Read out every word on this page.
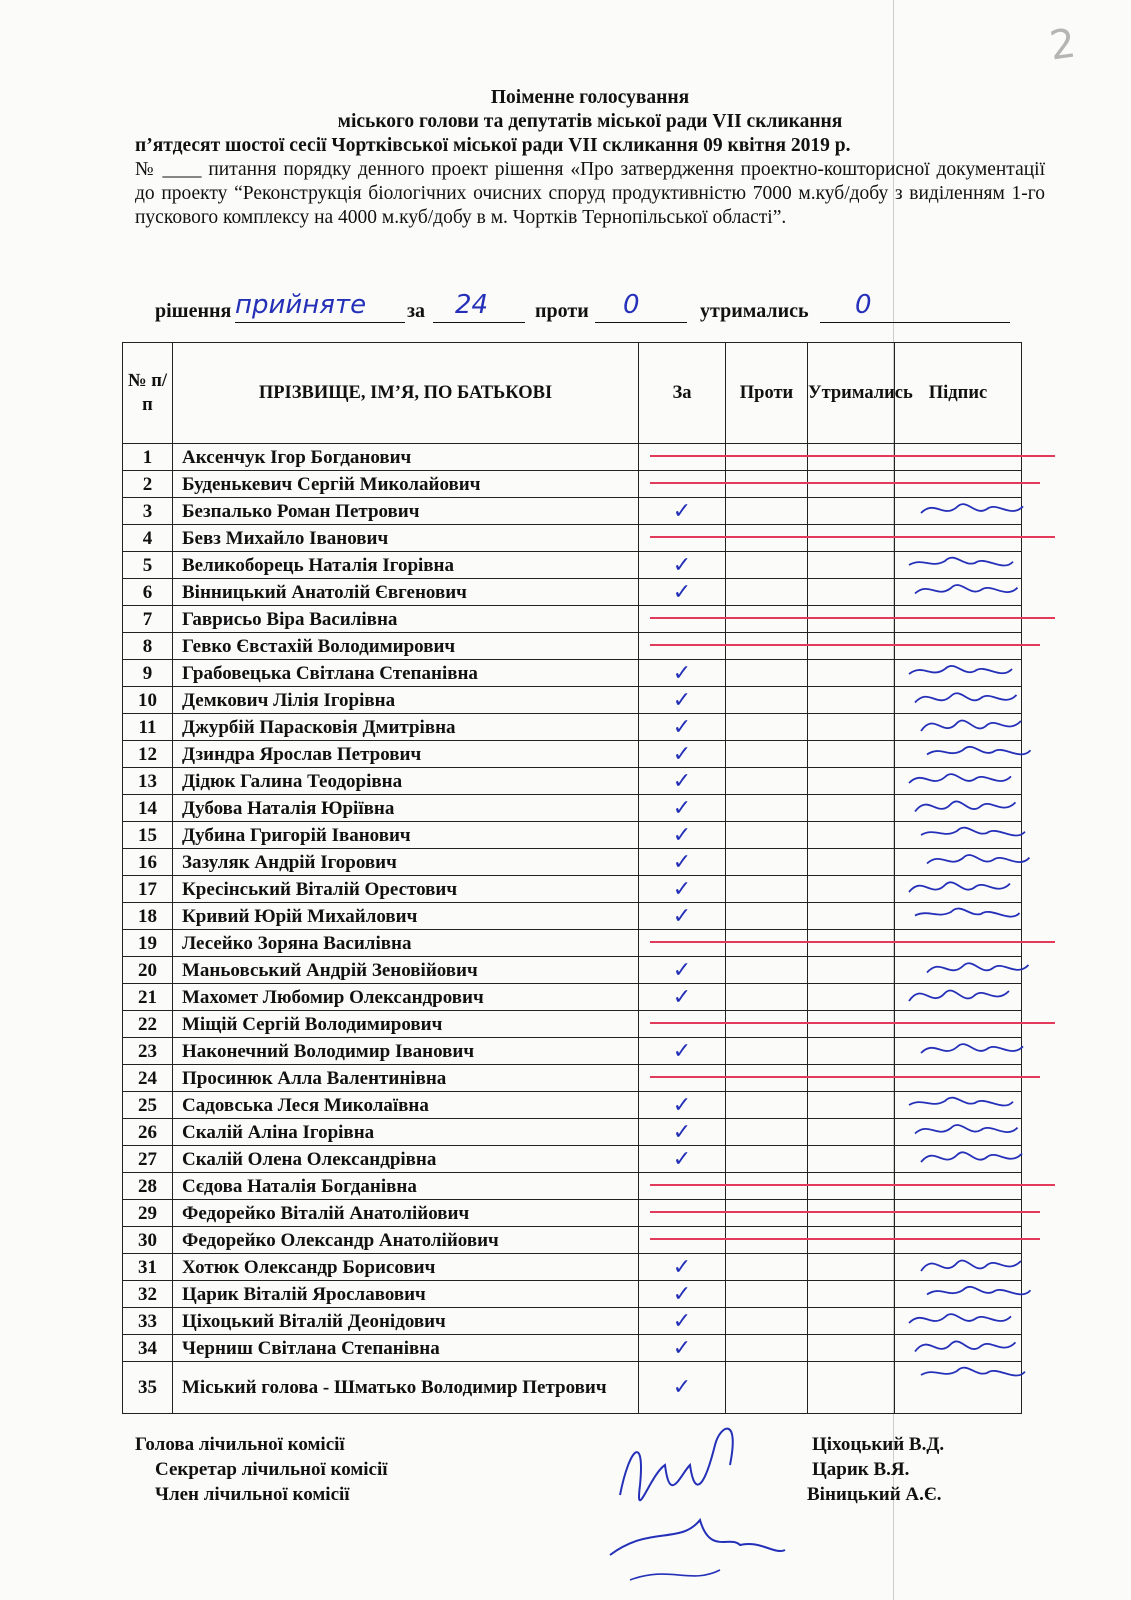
2
Поіменне голосування
міського голови та депутатів міської ради VII скликання
п’ятдесят шостої сесії Чортківської міської ради VII скликання 09 квітня 2019 р.
№ ____ питання порядку денного проект рішення «Про затвердження проектно-кошторисної документації до проекту “Реконструкція біологічних очисних споруд продуктивністю 7000 м.куб/добу з виділенням 1-го пускового комплексу на 4000 м.куб/добу в м. Чортків Тернопільської області”.
рішення прийняте за 24 проти 0	утримались 0
№ п/п	ПРІЗВИЩЕ, ІМ’Я, ПО БАТЬКОВІ	За	Проти	Утримались	Підпис
1	Аксенчук Ігор Богданович				
2	Буденькевич Сергій Миколайович				
3	Безпалько Роман Петрович	✓			
4	Бевз Михайло Іванович				
5	Великоборець Наталія Ігорівна	✓			
6	Вінницький Анатолій Євгенович	✓			
7	Гаврисьо Віра Василівна				
8	Гевко Євстахій Володимирович				
9	Грабовецька Світлана Степанівна	✓			
10	Демкович Лілія Ігорівна	✓			
11	Джурбій Парасковія Дмитрівна	✓			
12	Дзиндра Ярослав Петрович	✓			
13	Дідюк Галина Теодорівна	✓			
14	Дубова Наталія Юріївна	✓			
15	Дубина Григорій Іванович	✓			
16	Зазуляк Андрій Ігорович	✓			
17	Кресінський Віталій Орестович	✓			
18	Кривий Юрій Михайлович	✓			
19	Лесейко Зоряна Василівна				
20	Маньовський Андрій Зеновійович	✓			
21	Махомет Любомир Олександрович	✓			
22	Міщій Сергій Володимирович				
23	Наконечний Володимир Іванович	✓			
24	Просинюк Алла Валентинівна				
25	Садовська Леся Миколаївна	✓			
26	Скалій Аліна Ігорівна	✓			
27	Скалій Олена Олександрівна	✓			
28	Сєдова Наталія Богданівна				
29	Федорейко Віталій Анатолійович				
30	Федорейко Олександр Анатолійович				
31	Хотюк Олександр Борисович	✓			
32	Царик Віталій Ярославович	✓			
33	Ціхоцький Віталій Деонідович	✓			
34	Черниш Світлана Степанівна	✓			
35	Міський голова - Шматько Володимир Петрович	✓			
Голова лічильної комісії	Ціхоцький В.Д.
Секретар лічильної комісії	Царик В.Я.
Член лічильної комісії	Віницький А.Є.
